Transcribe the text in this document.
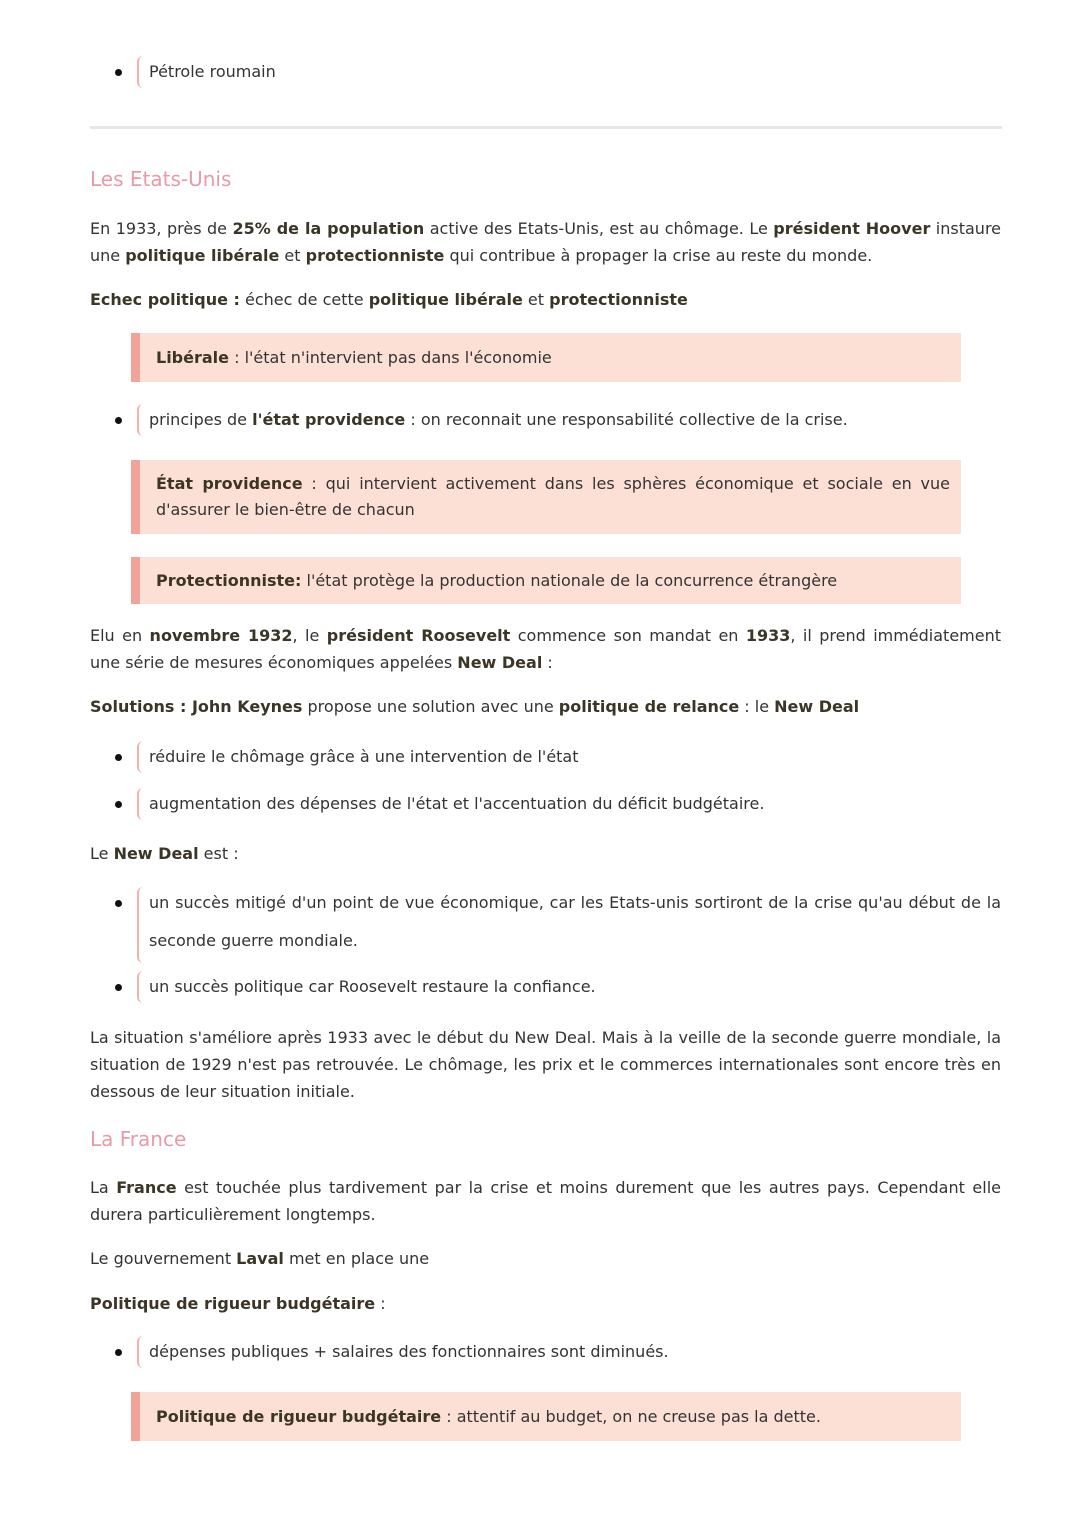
Pétrole roumain
Les Etats-Unis
En 1933, près de 25% de la population active des Etats-Unis, est au chômage. Le président Hoover instaure une politique libérale et protectionniste qui contribue à propager la crise au reste du monde.
Echec politique : échec de cette politique libérale et protectionniste
Libérale : l'état n'intervient pas dans l'économie
principes de l'état providence : on reconnait une responsabilité collective de la crise.
État providence : qui intervient activement dans les sphères économique et sociale en vue d'assurer le bien-être de chacun
Protectionniste: l'état protège la production nationale de la concurrence étrangère
Elu en novembre 1932, le président Roosevelt commence son mandat en 1933, il prend immédiatement une série de mesures économiques appelées New Deal :
Solutions : John Keynes propose une solution avec une politique de relance : le New Deal
réduire le chômage grâce à une intervention de l'état
augmentation des dépenses de l'état et l'accentuation du déficit budgétaire.
Le New Deal est :
un succès mitigé d'un point de vue économique, car les Etats-unis sortiront de la crise qu'au début de la seconde guerre mondiale.
un succès politique car Roosevelt restaure la confiance.
La situation s'améliore après 1933 avec le début du New Deal. Mais à la veille de la seconde guerre mondiale, la situation de 1929 n'est pas retrouvée. Le chômage, les prix et le commerces internationales sont encore très en dessous de leur situation initiale.
La France
La France est touchée plus tardivement par la crise et moins durement que les autres pays. Cependant elle durera particulièrement longtemps.
Le gouvernement Laval met en place une
Politique de rigueur budgétaire :
dépenses publiques + salaires des fonctionnaires sont diminués.
Politique de rigueur budgétaire : attentif au budget, on ne creuse pas la dette.
